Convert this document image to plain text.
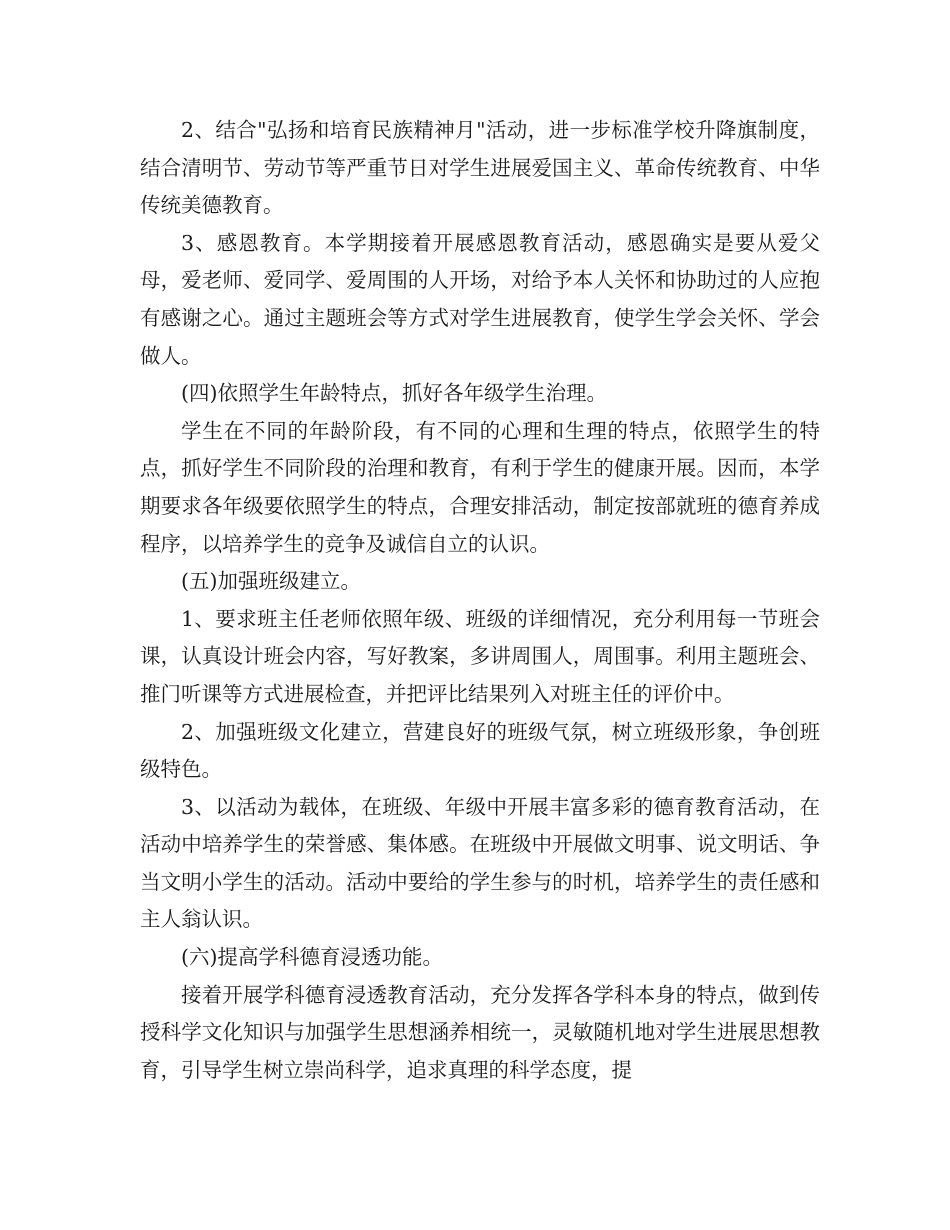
2、结合"弘扬和培育民族精神月"活动，进一步标准学校升降旗制度，结合清明节、劳动节等严重节日对学生进展爱国主义、革命传统教育、中华传统美德教育。

3、感恩教育。本学期接着开展感恩教育活动，感恩确实是要从爱父母，爱老师、爱同学、爱周围的人开场，对给予本人关怀和协助过的人应抱有感谢之心。通过主题班会等方式对学生进展教育，使学生学会关怀、学会做人。

(四)依照学生年龄特点，抓好各年级学生治理。

学生在不同的年龄阶段，有不同的心理和生理的特点，依照学生的特点，抓好学生不同阶段的治理和教育，有利于学生的健康开展。因而，本学期要求各年级要依照学生的特点，合理安排活动，制定按部就班的德育养成程序，以培养学生的竞争及诚信自立的认识。

(五)加强班级建立。

1、要求班主任老师依照年级、班级的详细情况，充分利用每一节班会课，认真设计班会内容，写好教案，多讲周围人，周围事。利用主题班会、推门听课等方式进展检查，并把评比结果列入对班主任的评价中。

2、加强班级文化建立，营建良好的班级气氛，树立班级形象，争创班级特色。

3、以活动为载体，在班级、年级中开展丰富多彩的德育教育活动，在活动中培养学生的荣誉感、集体感。在班级中开展做文明事、说文明话、争当文明小学生的活动。活动中要给的学生参与的时机，培养学生的责任感和主人翁认识。

(六)提高学科德育浸透功能。

接着开展学科德育浸透教育活动，充分发挥各学科本身的特点，做到传授科学文化知识与加强学生思想涵养相统一，灵敏随机地对学生进展思想教育，引导学生树立崇尚科学，追求真理的科学态度，提
